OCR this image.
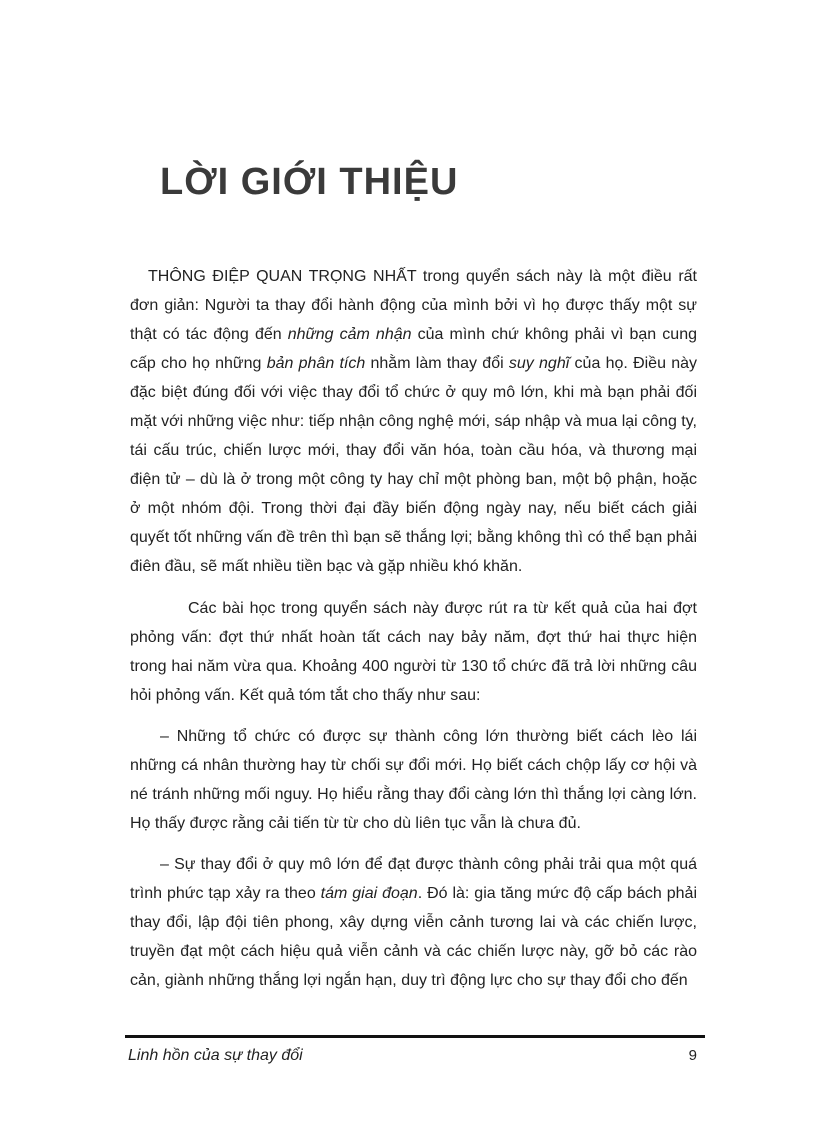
LỜI GIỚI THIỆU

THÔNG ĐIỆP QUAN TRỌNG NHẤT trong quyển sách này là một điều rất đơn giản: Người ta thay đổi hành động của mình bởi vì họ được thấy một sự thật có tác động đến những cảm nhận của mình chứ không phải vì bạn cung cấp cho họ những bản phân tích nhằm làm thay đổi suy nghĩ của họ. Điều này đặc biệt đúng đối với việc thay đổi tổ chức ở quy mô lớn, khi mà bạn phải đối mặt với những việc như: tiếp nhận công nghệ mới, sáp nhập và mua lại công ty, tái cấu trúc, chiến lược mới, thay đổi văn hóa, toàn cầu hóa, và thương mại điện tử – dù là ở trong một công ty hay chỉ một phòng ban, một bộ phận, hoặc ở một nhóm đội. Trong thời đại đầy biến động ngày nay, nếu biết cách giải quyết tốt những vấn đề trên thì bạn sẽ thắng lợi; bằng không thì có thể bạn phải điên đầu, sẽ mất nhiều tiền bạc và gặp nhiều khó khăn.

Các bài học trong quyển sách này được rút ra từ kết quả của hai đợt phỏng vấn: đợt thứ nhất hoàn tất cách nay bảy năm, đợt thứ hai thực hiện trong hai năm vừa qua. Khoảng 400 người từ 130 tổ chức đã trả lời những câu hỏi phỏng vấn. Kết quả tóm tắt cho thấy như sau:

– Những tổ chức có được sự thành công lớn thường biết cách lèo lái những cá nhân thường hay từ chối sự đổi mới. Họ biết cách chộp lấy cơ hội và né tránh những mối nguy. Họ hiểu rằng thay đổi càng lớn thì thắng lợi càng lớn. Họ thấy được rằng cải tiến từ từ cho dù liên tục vẫn là chưa đủ.

– Sự thay đổi ở quy mô lớn để đạt được thành công phải trải qua một quá trình phức tạp xảy ra theo tám giai đoạn. Đó là: gia tăng mức độ cấp bách phải thay đổi, lập đội tiên phong, xây dựng viễn cảnh tương lai và các chiến lược, truyền đạt một cách hiệu quả viễn cảnh và các chiến lược này, gỡ bỏ các rào cản, giành những thắng lợi ngắn hạn, duy trì động lực cho sự thay đổi cho đến

Linh hồn của sự thay đổi	9
